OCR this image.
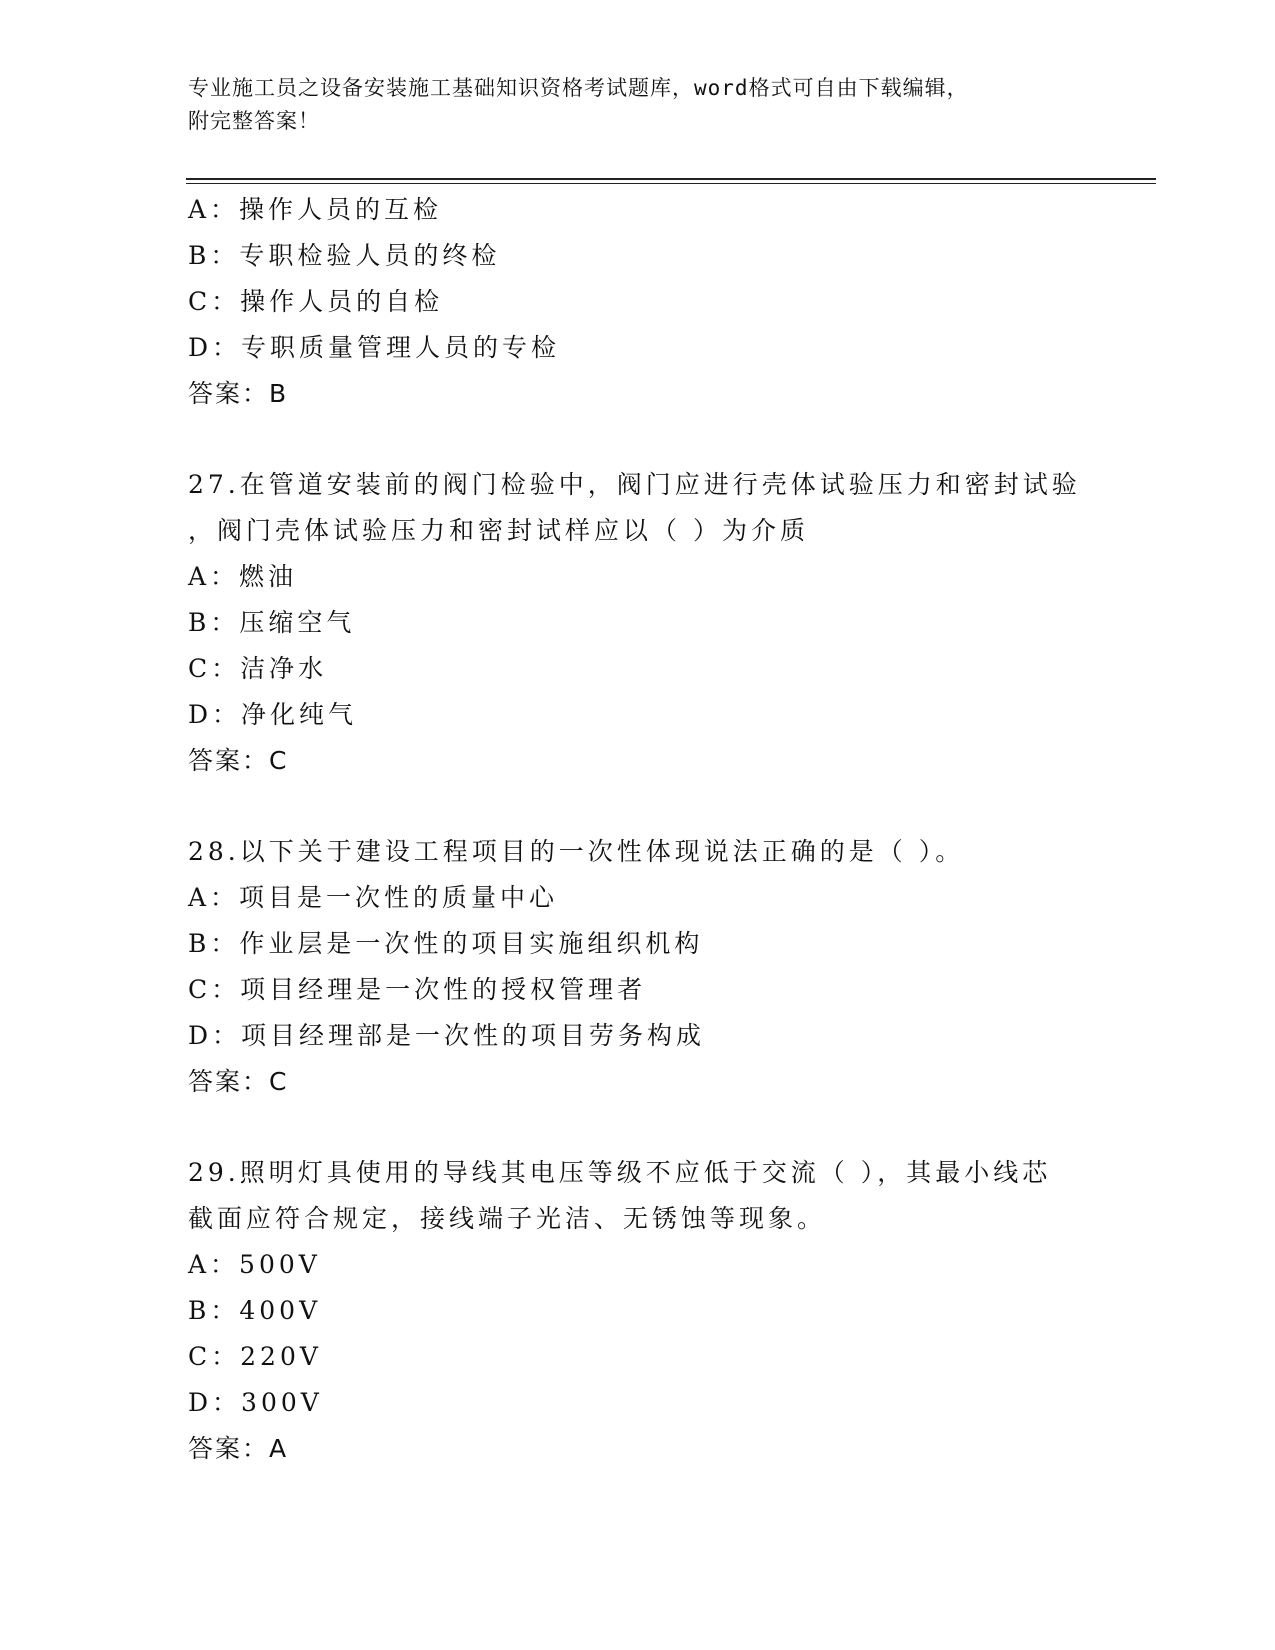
专业施工员之设备安装施工基础知识资格考试题库，word格式可自由下载编辑，
附完整答案！
A：操作人员的互检
B：专职检验人员的终检
C：操作人员的自检
D：专职质量管理人员的专检
答案：B
27.在管道安装前的阀门检验中，阀门应进行壳体试验压力和密封试验
，阀门壳体试验压力和密封试样应以（ ）为介质
A：燃油
B：压缩空气
C：洁净水
D：净化纯气
答案：C
28.以下关于建设工程项目的一次性体现说法正确的是（ ）。
A：项目是一次性的质量中心
B：作业层是一次性的项目实施组织机构
C：项目经理是一次性的授权管理者
D：项目经理部是一次性的项目劳务构成
答案：C
29.照明灯具使用的导线其电压等级不应低于交流（ ），其最小线芯
截面应符合规定，接线端子光洁、无锈蚀等现象。
A：500V
B：400V
C：220V
D：300V
答案：A
